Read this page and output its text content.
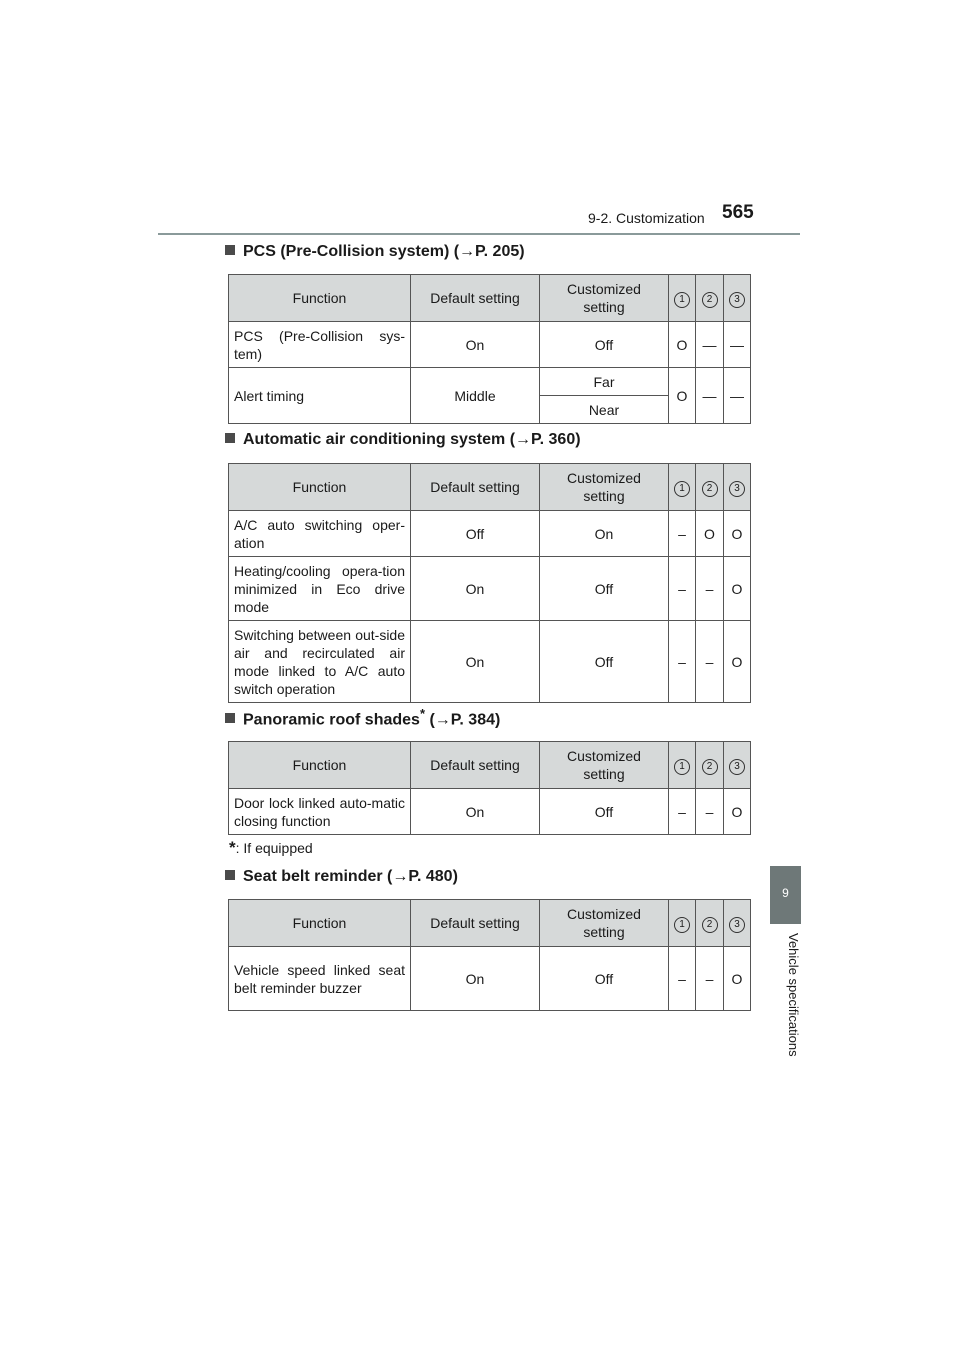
9-2. Customization 565
9
Vehicle specifications
PCS (Pre-Collision system) (→P. 205)
Function	Default setting	Customized setting	1	2	3
PCS (Pre-Collision sys-tem)	On	Off	O	—	—
Alert timing	Middle	Far	O	—	—
		Near			
Automatic air conditioning system (→P. 360)
Function	Default setting	Customized setting	1	2	3
A/C auto switching oper-ation	Off	On	–	O	O
Heating/cooling opera-tion minimized in Eco drive mode	On	Off	–	–	O
Switching between out-side air and recirculated air mode linked to A/C auto switch operation	On	Off	–	–	O
Panoramic roof shades* (→P. 384)
Function	Default setting	Customized setting	1	2	3
Door lock linked auto-matic closing function	On	Off	–	–	O
*: If equipped
Seat belt reminder (→P. 480)
Function	Default setting	Customized setting	1	2	3
Vehicle speed linked seat belt reminder buzzer	On	Off	–	–	O
